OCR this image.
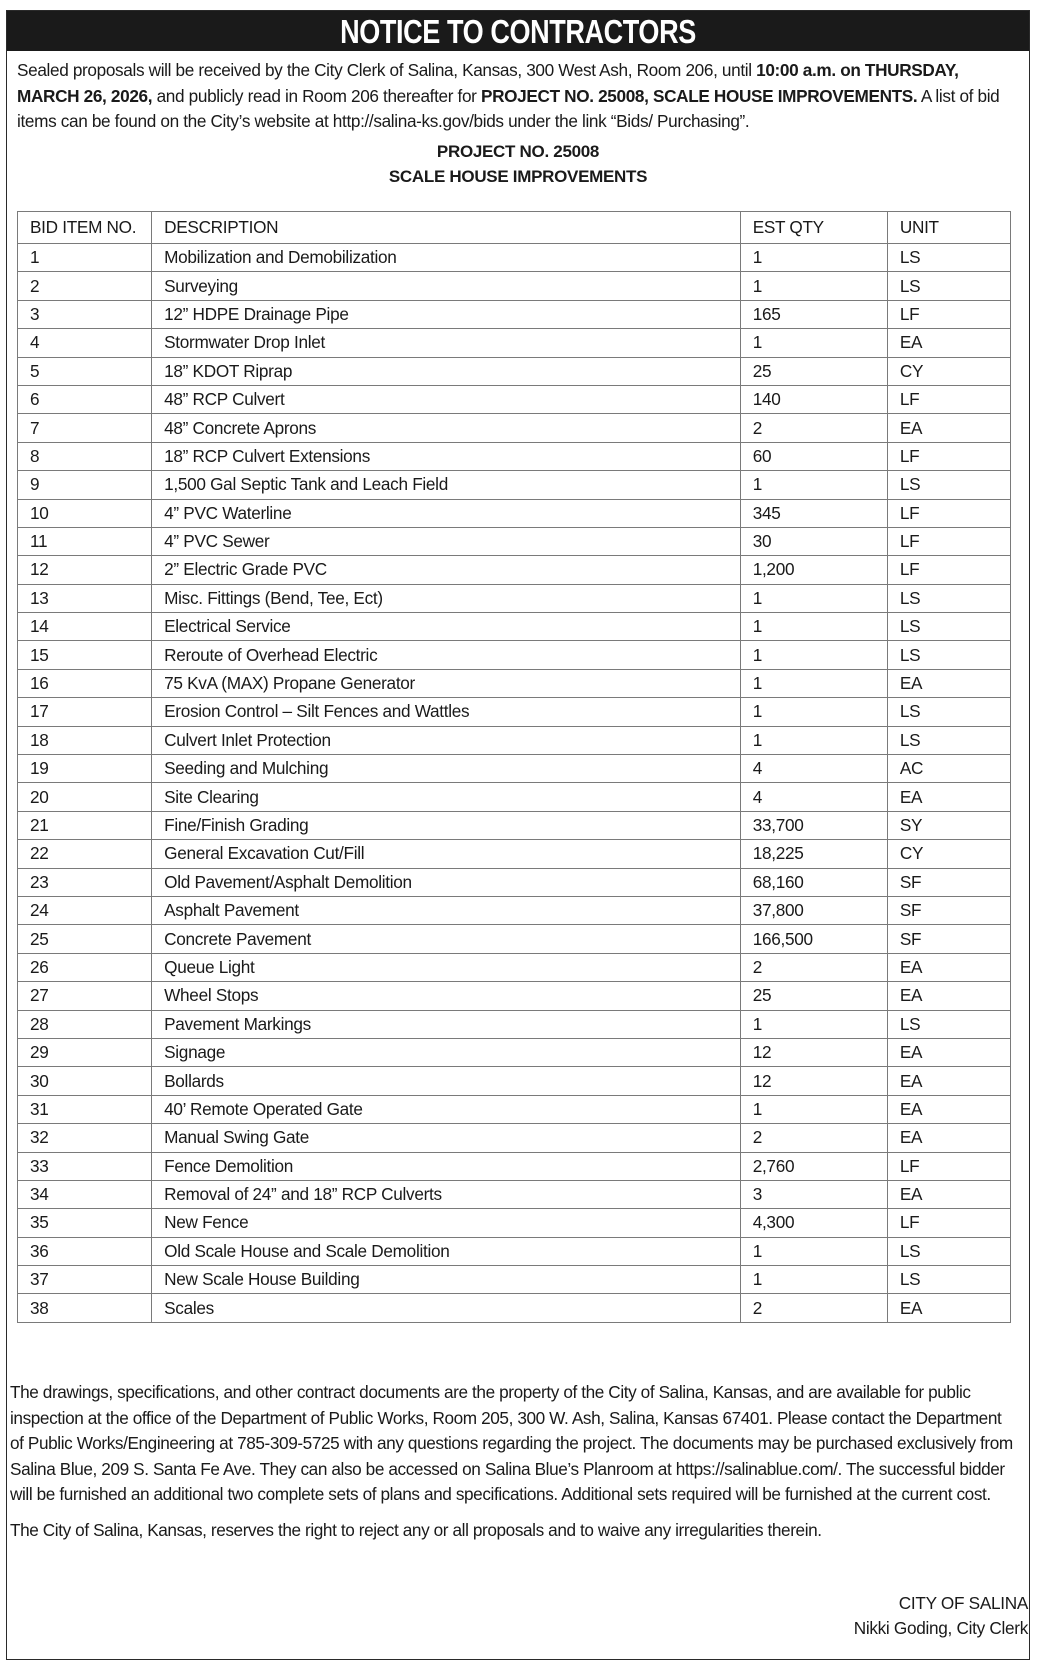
NOTICE TO CONTRACTORS
Sealed proposals will be received by the City Clerk of Salina, Kansas, 300 West Ash, Room 206, until 10:00 a.m. on THURSDAY, MARCH 26, 2026, and publicly read in Room 206 thereafter for PROJECT NO. 25008, SCALE HOUSE IMPROVEMENTS. A list of bid items can be found on the City’s website at http://salina-ks.gov/bids under the link “Bids/ Purchasing”.
PROJECT NO. 25008
SCALE HOUSE IMPROVEMENTS
BID ITEM NO.	DESCRIPTION	EST QTY	UNIT
1	Mobilization and Demobilization	1	LS
2	Surveying	1	LS
3	12” HDPE Drainage Pipe	165	LF
4	Stormwater Drop Inlet	1	EA
5	18” KDOT Riprap	25	CY
6	48” RCP Culvert	140	LF
7	48” Concrete Aprons	2	EA
8	18” RCP Culvert Extensions	60	LF
9	1,500 Gal Septic Tank and Leach Field	1	LS
10	4” PVC Waterline	345	LF
11	4” PVC Sewer	30	LF
12	2” Electric Grade PVC	1,200	LF
13	Misc. Fittings (Bend, Tee, Ect)	1	LS
14	Electrical Service	1	LS
15	Reroute of Overhead Electric	1	LS
16	75 KvA (MAX) Propane Generator	1	EA
17	Erosion Control – Silt Fences and Wattles	1	LS
18	Culvert Inlet Protection	1	LS
19	Seeding and Mulching	4	AC
20	Site Clearing	4	EA
21	Fine/Finish Grading	33,700	SY
22	General Excavation Cut/Fill	18,225	CY
23	Old Pavement/Asphalt Demolition	68,160	SF
24	Asphalt Pavement	37,800	SF
25	Concrete Pavement	166,500	SF
26	Queue Light	2	EA
27	Wheel Stops	25	EA
28	Pavement Markings	1	LS
29	Signage	12	EA
30	Bollards	12	EA
31	40’ Remote Operated Gate	1	EA
32	Manual Swing Gate	2	EA
33	Fence Demolition	2,760	LF
34	Removal of 24” and 18” RCP Culverts	3	EA
35	New Fence	4,300	LF
36	Old Scale House and Scale Demolition	1	LS
37	New Scale House Building	1	LS
38	Scales	2	EA

The drawings, specifications, and other contract documents are the property of the City of Salina, Kansas, and are available for public inspection at the office of the Department of Public Works, Room 205, 300 W. Ash, Salina, Kansas 67401. Please contact the Department of Public Works/Engineering at 785-309-5725 with any questions regarding the project. The documents may be purchased exclusively from Salina Blue, 209 S. Santa Fe Ave. They can also be accessed on Salina Blue’s Planroom at https://salinablue.com/. The successful bidder will be furnished an additional two complete sets of plans and specifications. Additional sets required will be furnished at the current cost.

The City of Salina, Kansas, reserves the right to reject any or all proposals and to waive any irregularities therein.

CITY OF SALINA
Nikki Goding, City Clerk
